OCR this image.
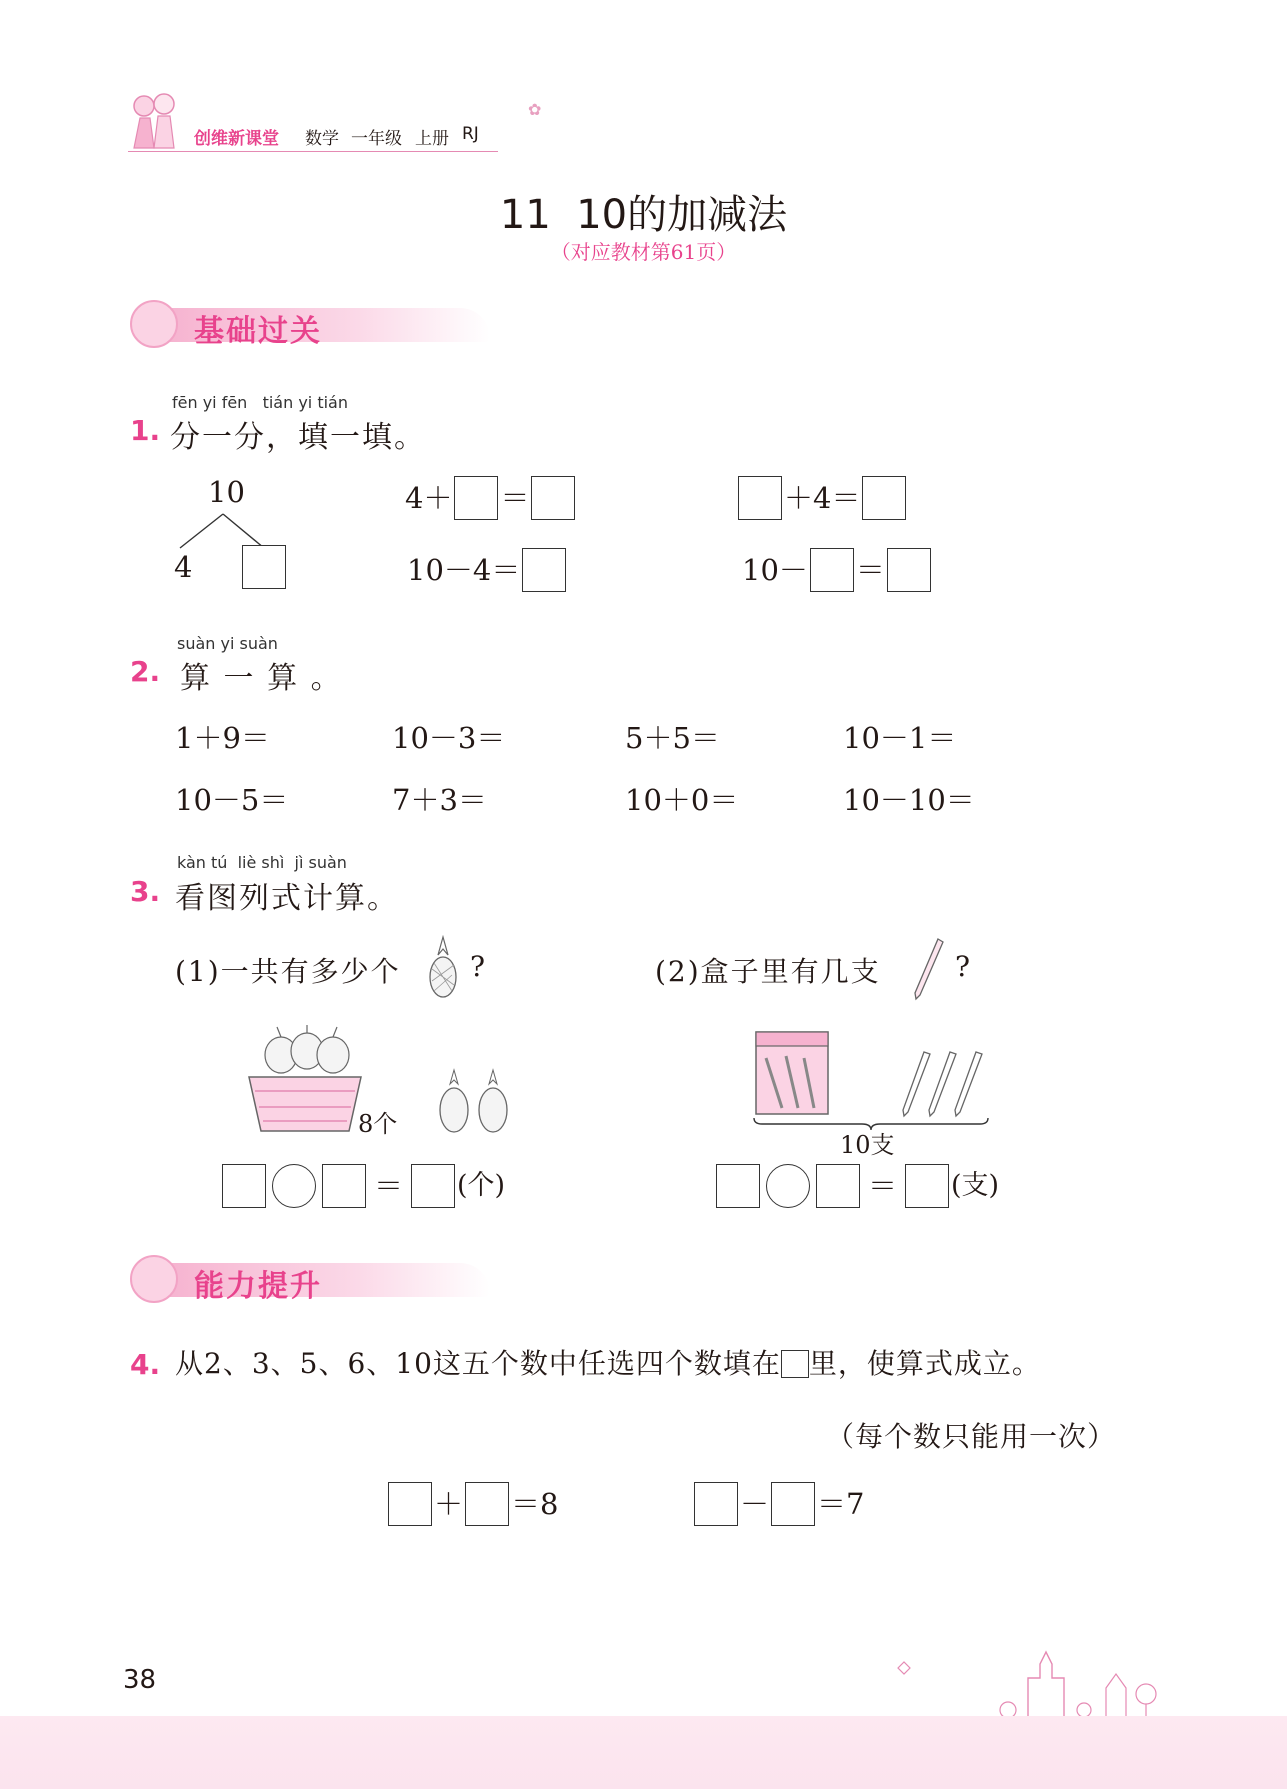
创维新课堂 数学 一年级 上册 RJ
✿
11  10的加减法
（对应教材第61页）
基础过关
fēn yi fēn   tián yi tián
1. 分一分，填一填。
10
4
4＋ ＝	＋4＝
10－4＝	10－ ＝
suàn yi suàn
2. 算 一 算 。
1＋9＝	10－3＝	5＋5＝	10－1＝
10－5＝	7＋3＝	10＋0＝	10－10＝
kàn tú  liè shì  jì suàn
3. 看图列式计算。
(1)一共有多少个 ?	(2)盒子里有几支	?
8个
＝ (个)
10支
＝ (支)
能力提升
4. 从2、3、5、6、10这五个数中任选四个数填在 里，使算式成立。
（每个数只能用一次）
＋ ＝8	－ ＝7
38
